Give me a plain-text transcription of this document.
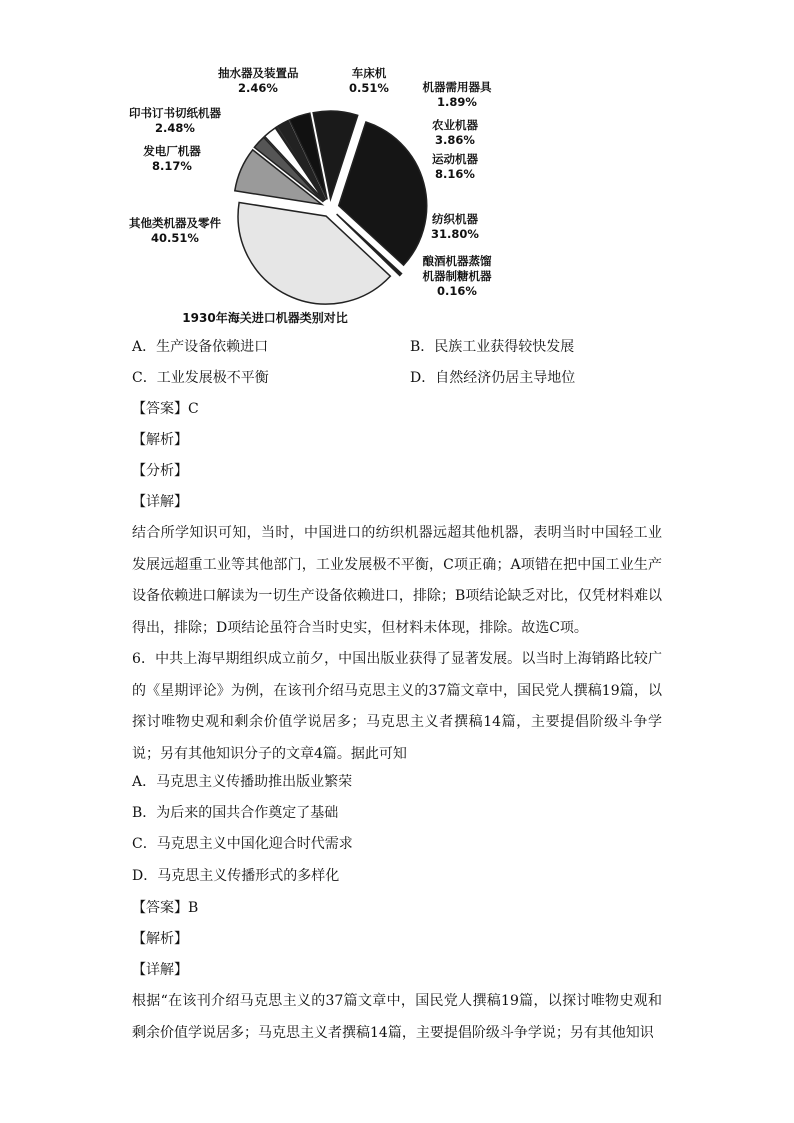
抽水器及装置品
2.46%
车床机
0.51%	机器需用器具
1.89%
印书订书切纸机器
2.48%	农业机器
3.86%
发电厂机器
8.17%	运动机器
8.16%
其他类机器及零件
40.51%
纺织机器
31.80%
酿酒机器蒸馏
机器制糖机器
0.16%
1930年海关进口机器类别对比
A．生产设备依赖进口	B．民族工业获得较快发展
C．工业发展极不平衡	D．自然经济仍居主导地位
【答案】C
【解析】
【分析】
【详解】
结合所学知识可知，当时，中国进口的纺织机器远超其他机器，表明当时中国轻工业发展远超重工业等其他部门，工业发展极不平衡，C项正确；A项错在把中国工业生产设备依赖进口解读为一切生产设备依赖进口，排除；B项结论缺乏对比，仅凭材料难以得出，排除；D项结论虽符合当时史实，但材料未体现，排除。故选C项。
6．中共上海早期组织成立前夕，中国出版业获得了显著发展。以当时上海销路比较广的《星期评论》为例，在该刊介绍马克思主义的37篇文章中，国民党人撰稿19篇，以探讨唯物史观和剩余价值学说居多；马克思主义者撰稿14篇，主要提倡阶级斗争学说；另有其他知识分子的文章4篇。据此可知
A．马克思主义传播助推出版业繁荣
B．为后来的国共合作奠定了基础
C．马克思主义中国化迎合时代需求
D．马克思主义传播形式的多样化
【答案】B
【解析】
【详解】
根据“在该刊介绍马克思主义的37篇文章中，国民党人撰稿19篇，以探讨唯物史观和剩余价值学说居多；马克思主义者撰稿14篇，主要提倡阶级斗争学说；另有其他知识
